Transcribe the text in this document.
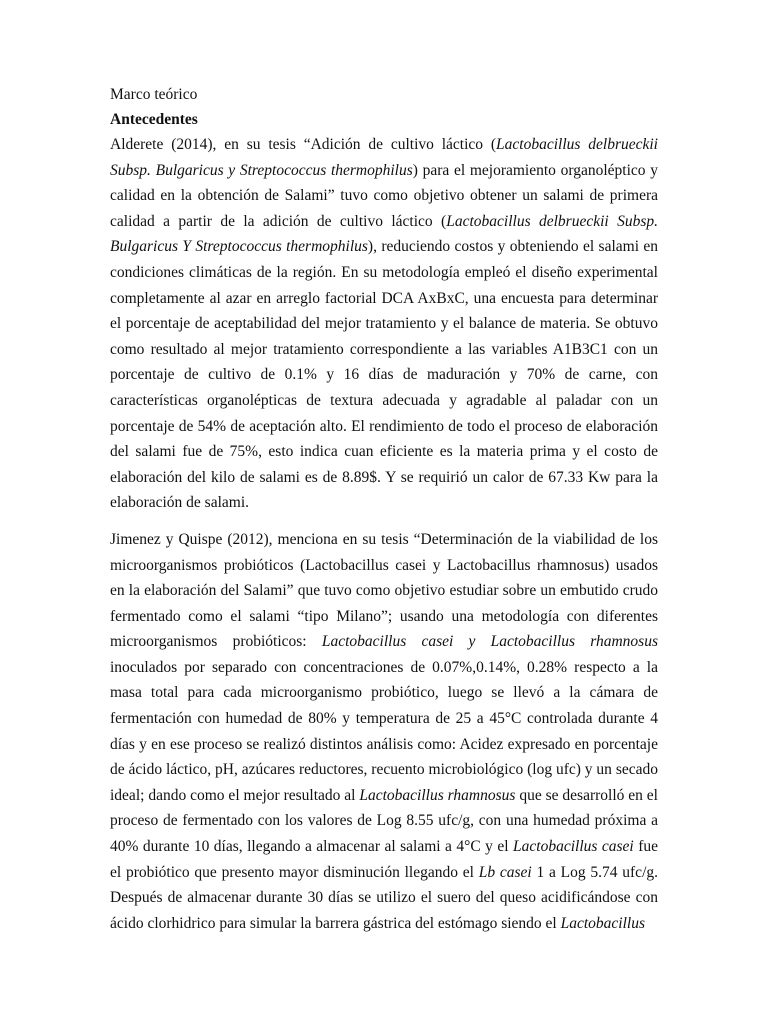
Marco teórico
Antecedentes

Alderete (2014), en su tesis “Adición de cultivo láctico (Lactobacillus delbrueckii Subsp. Bulgaricus y Streptococcus thermophilus) para el mejoramiento organoléptico y calidad en la obtención de Salami” tuvo como objetivo obtener un salami de primera calidad a partir de la adición de cultivo láctico (Lactobacillus delbrueckii Subsp. Bulgaricus Y Streptococcus thermophilus), reduciendo costos y obteniendo el salami en condiciones climáticas de la región. En su metodología empleó el diseño experimental completamente al azar en arreglo factorial DCA AxBxC, una encuesta para determinar el porcentaje de aceptabilidad del mejor tratamiento y el balance de materia. Se obtuvo como resultado al mejor tratamiento correspondiente a las variables A1B3C1 con un porcentaje de cultivo de 0.1% y 16 días de maduración y 70% de carne, con características organolépticas de textura adecuada y agradable al paladar con un porcentaje de 54% de aceptación alto. El rendimiento de todo el proceso de elaboración del salami fue de 75%, esto indica cuan eficiente es la materia prima y el costo de elaboración del kilo de salami es de 8.89$. Y se requirió un calor de 67.33 Kw para la elaboración de salami.

Jimenez y Quispe (2012), menciona en su tesis “Determinación de la viabilidad de los microorganismos probióticos (Lactobacillus casei y Lactobacillus rhamnosus) usados en la elaboración del Salami” que tuvo como objetivo estudiar sobre un embutido crudo fermentado como el salami “tipo Milano”; usando una metodología con diferentes microorganismos probióticos: Lactobacillus casei y Lactobacillus rhamnosus inoculados por separado con concentraciones de 0.07%,0.14%, 0.28% respecto a la masa total para cada microorganismo probiótico, luego se llevó a la cámara de fermentación con humedad de 80% y temperatura de 25 a 45°C controlada durante 4 días y en ese proceso se realizó distintos análisis como: Acidez expresado en porcentaje de ácido láctico, pH, azúcares reductores, recuento microbiológico (log ufc) y un secado ideal; dando como el mejor resultado al Lactobacillus rhamnosus que se desarrolló en el proceso de fermentado con los valores de Log 8.55 ufc/g, con una humedad próxima a 40% durante 10 días, llegando a almacenar al salami a 4°C y el Lactobacillus casei fue el probiótico que presento mayor disminución llegando el Lb casei 1 a Log 5.74 ufc/g. Después de almacenar durante 30 días se utilizo el suero del queso acidificándose con ácido clorhidrico para simular la barrera gástrica del estómago siendo el Lactobacillus
